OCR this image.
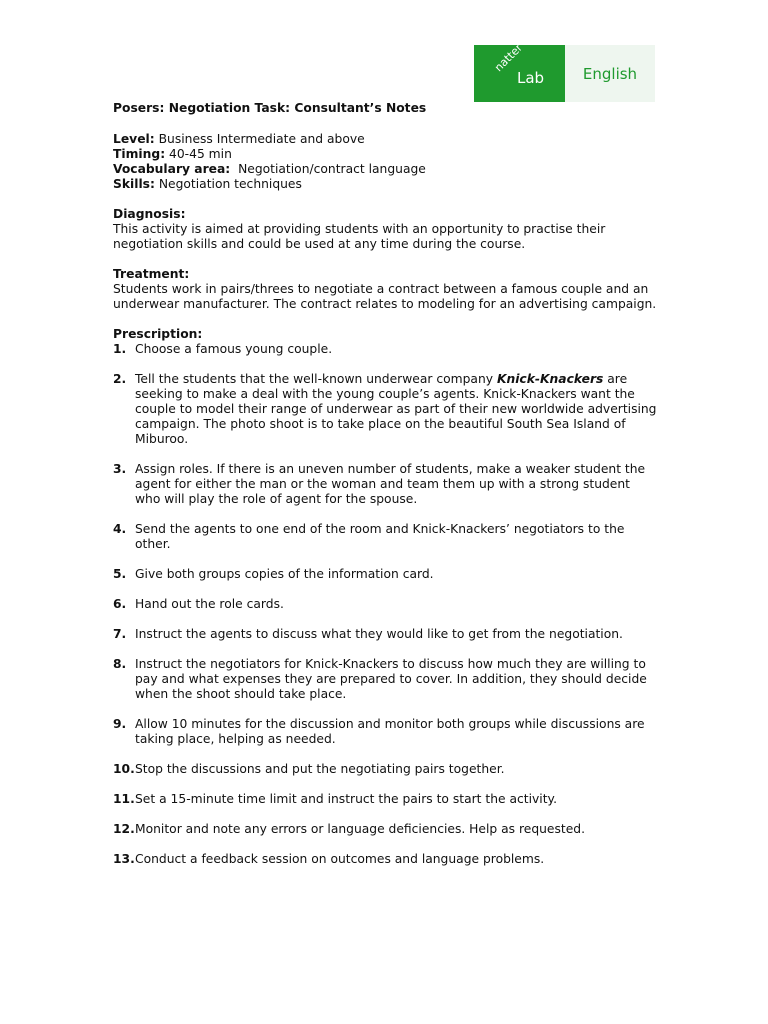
natter
Lab	English
Posers: Negotiation Task: Consultant’s Notes
Level: Business Intermediate and above
Timing: 40-45 min
Vocabulary area: Negotiation/contract language
Skills: Negotiation techniques
Diagnosis:
This activity is aimed at providing students with an opportunity to practise their negotiation skills and could be used at any time during the course.
Treatment:
Students work in pairs/threes to negotiate a contract between a famous couple and an underwear manufacturer. The contract relates to modeling for an advertising campaign.
Prescription:
1. Choose a famous young couple.
2. Tell the students that the well-known underwear company Knick-Knackers are seeking to make a deal with the young couple’s agents. Knick-Knackers want the couple to model their range of underwear as part of their new worldwide advertising campaign. The photo shoot is to take place on the beautiful South Sea Island of Miburoo.
3. Assign roles. If there is an uneven number of students, make a weaker student the agent for either the man or the woman and team them up with a strong student who will play the role of agent for the spouse.
4. Send the agents to one end of the room and Knick-Knackers’ negotiators to the other.
5. Give both groups copies of the information card.
6. Hand out the role cards.
7. Instruct the agents to discuss what they would like to get from the negotiation.
8. Instruct the negotiators for Knick-Knackers to discuss how much they are willing to pay and what expenses they are prepared to cover. In addition, they should decide when the shoot should take place.
9. Allow 10 minutes for the discussion and monitor both groups while discussions are taking place, helping as needed.
10. Stop the discussions and put the negotiating pairs together.
11. Set a 15-minute time limit and instruct the pairs to start the activity.
12. Monitor and note any errors or language deficiencies. Help as requested.
13. Conduct a feedback session on outcomes and language problems.
